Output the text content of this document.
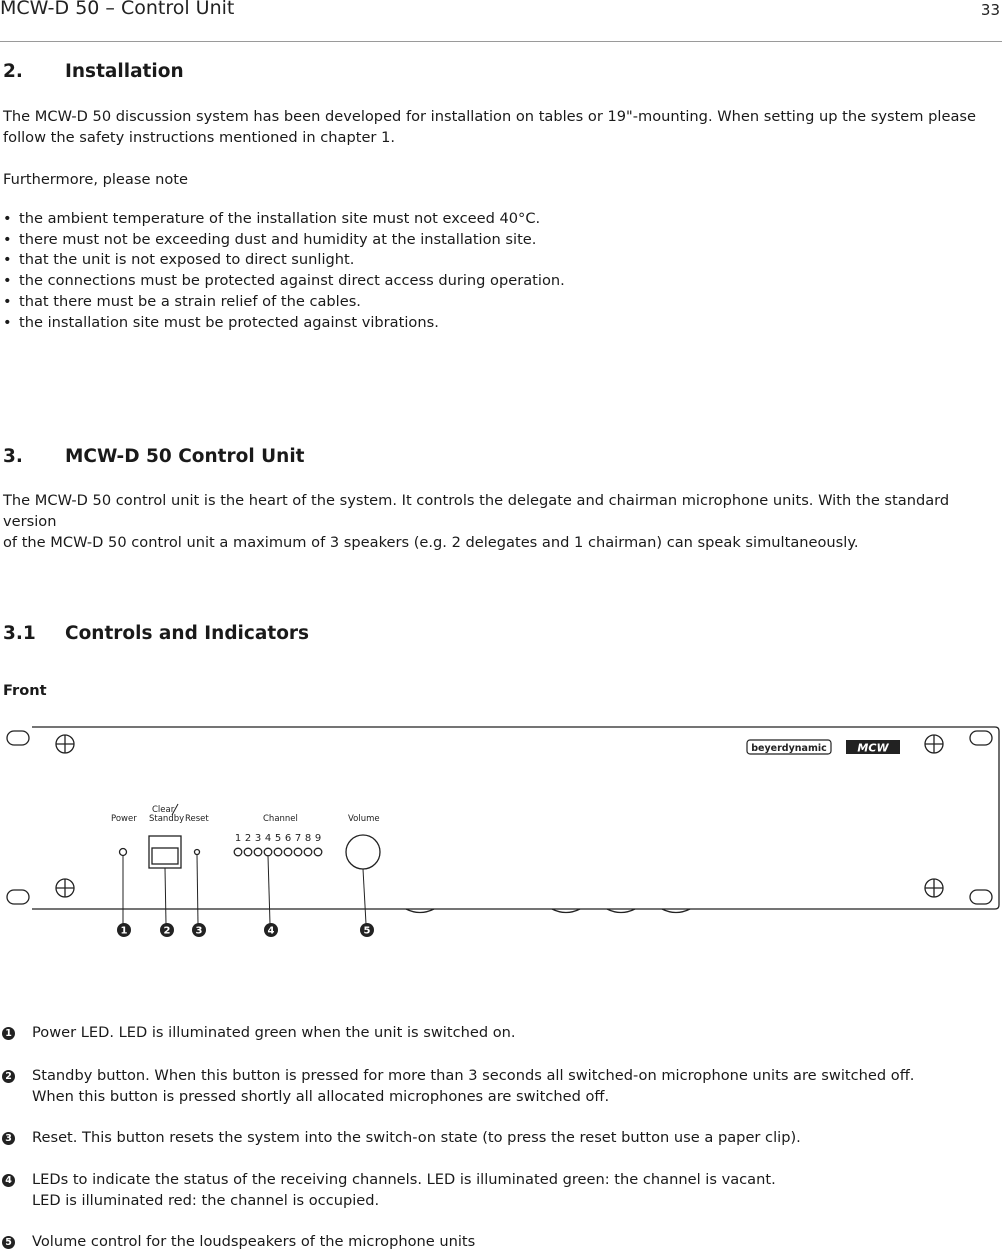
MCW-D 50 – Control Unit	33
2. Installation
The MCW-D 50 discussion system has been developed for installation on tables or 19"-mounting. When setting up the system please
follow the safety instructions mentioned in chapter 1.
Furthermore, please note
• the ambient temperature of the installation site must not exceed 40°C.
• there must not be exceeding dust and humidity at the installation site.
• that the unit is not exposed to direct sunlight.
• the connections must be protected against direct access during operation.
• that there must be a strain relief of the cables.
• the installation site must be protected against vibrations.
3. MCW-D 50 Control Unit
The MCW-D 50 control unit is the heart of the system. It controls the delegate and chairman microphone units. With the standard version
of the MCW-D 50 control unit a maximum of 3 speakers (e.g. 2 delegates and 1 chairman) can speak simultaneously.
3.1 Controls and Indicators
Front
beyerdynamic	MCW
Power
Clear
Standby Reset	Channel	Volume
1 2 3 4 5 6 7 8 9
1	2	3	4	5
1 Power LED. LED is illuminated green when the unit is switched on.
2 Standby button. When this button is pressed for more than 3 seconds all switched-on microphone units are switched off.
When this button is pressed shortly all allocated microphones are switched off.
3 Reset. This button resets the system into the switch-on state (to press the reset button use a paper clip).
4 LEDs to indicate the status of the receiving channels. LED is illuminated green: the channel is vacant.
LED is illuminated red: the channel is occupied.
5 Volume control for the loudspeakers of the microphone units
